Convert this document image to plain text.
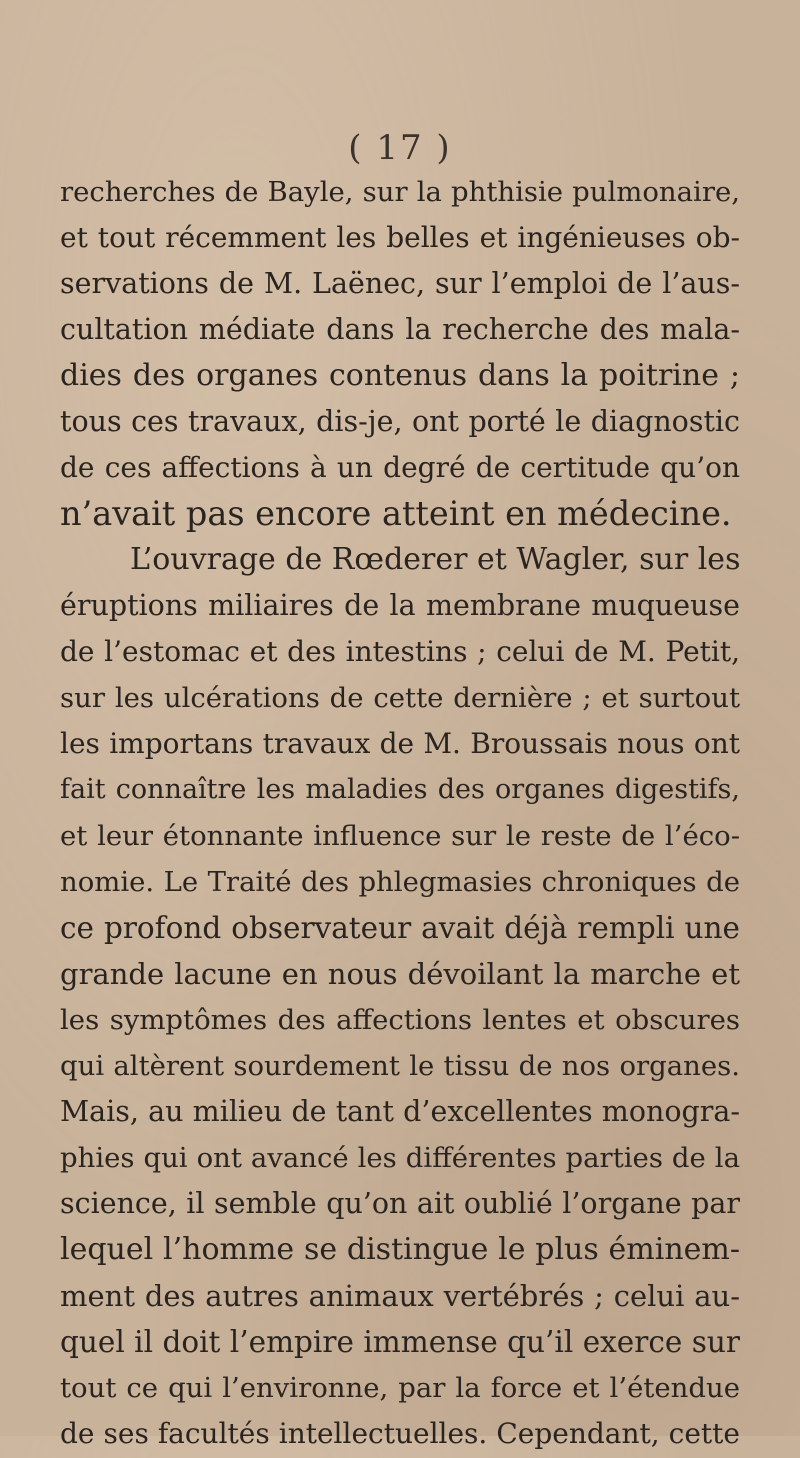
( 17 )
recherches de Bayle, sur la phthisie pulmonaire,
et tout récemment les belles et ingénieuses ob-
servations de M. Laënec, sur l’emploi de l’aus-
cultation médiate dans la recherche des mala-
dies des organes contenus dans la poitrine ;
tous ces travaux, dis-je, ont porté le diagnostic
de ces affections à un degré de certitude qu’on
n’avait pas encore atteint en médecine.
L’ouvrage de Rœderer et Wagler, sur les
éruptions miliaires de la membrane muqueuse
de l’estomac et des intestins ; celui de M. Petit,
sur les ulcérations de cette dernière ; et surtout
les importans travaux de M. Broussais nous ont
fait connaître les maladies des organes digestifs,
et leur étonnante influence sur le reste de l’éco-
nomie. Le Traité des phlegmasies chroniques de
ce profond observateur avait déjà rempli une
grande lacune en nous dévoilant la marche et
les symptômes des affections lentes et obscures
qui altèrent sourdement le tissu de nos organes.
Mais, au milieu de tant d’excellentes monogra-
phies qui ont avancé les différentes parties de la
science, il semble qu’on ait oublié l’organe par
lequel l’homme se distingue le plus éminem-
ment des autres animaux vertébrés ; celui au-
quel il doit l’empire immense qu’il exerce sur
tout ce qui l’environne, par la force et l’étendue
de ses facultés intellectuelles. Cependant, cette
